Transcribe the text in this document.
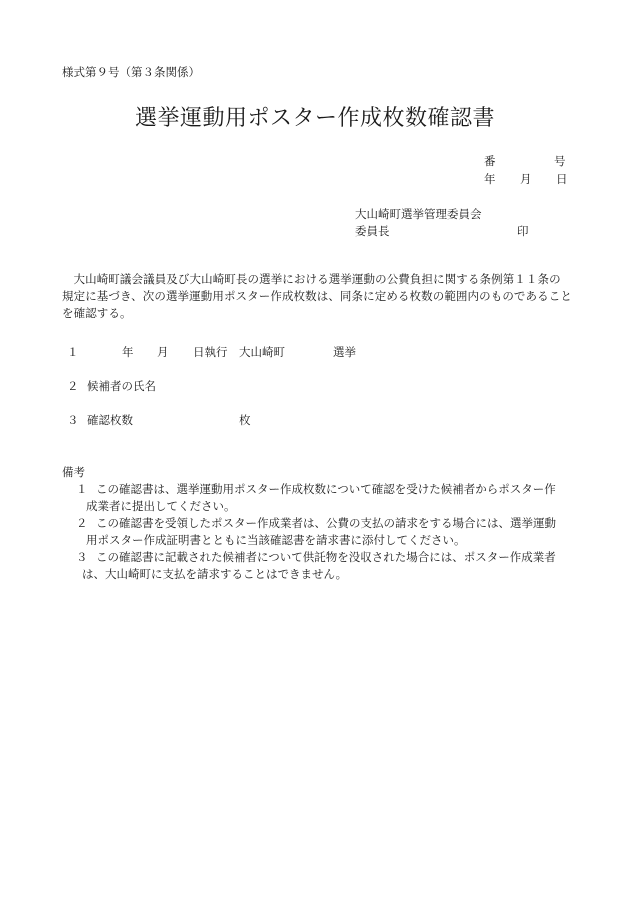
様式第９号（第３条関係）
選挙運動用ポスター作成枚数確認書
番	号
年 月 日
大山崎町選挙管理委員会
委員長	印
大山崎町議会議員及び大山崎町長の選挙における選挙運動の公費負担に関する条例第１１条の規定に基づき、次の選挙運動用ポスター作成枚数は、同条に定める枚数の範囲内のものであることを確認する。
１	年 月 日執行 大山崎町	選挙
２ 候補者の氏名
３ 確認枚数	枚
備考
１ この確認書は、選挙運動用ポスター作成枚数について確認を受けた候補者からポスター作
成業者に提出してください。
２ この確認書を受領したポスター作成業者は、公費の支払の請求をする場合には、選挙運動
用ポスター作成証明書とともに当該確認書を請求書に添付してください。
３ この確認書に記載された候補者について供託物を没収された場合には、ポスター作成業者
は、大山崎町に支払を請求することはできません。
